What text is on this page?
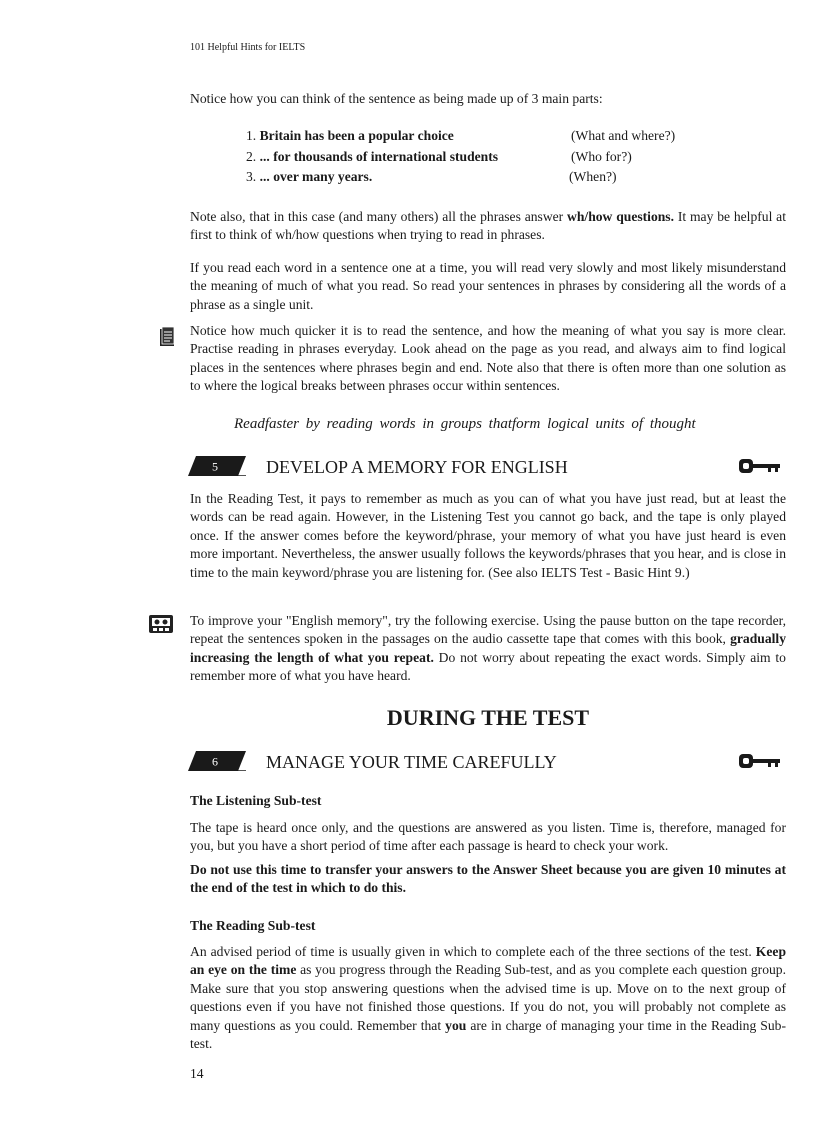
101 Helpful Hints for IELTS

Notice how you can think of the sentence as being made up of 3 main parts:

1. Britain has been a popular choice	(What and where?)
2. ... for thousands of international students	(Who for?)
3. ... over many years.	(When?)

Note also, that in this case (and many others) all the phrases answer wh/how questions. It may be helpful at first to think of wh/how questions when trying to read in phrases.

If you read each word in a sentence one at a time, you will read very slowly and most likely misunderstand the meaning of much of what you read. So read your sentences in phrases by considering all the words of a phrase as a single unit.

Notice how much quicker it is to read the sentence, and how the meaning of what you say is more clear. Practise reading in phrases everyday. Look ahead on the page as you read, and always aim to find logical places in the sentences where phrases begin and end. Note also that there is often more than one solution as to where the logical breaks between phrases occur within sentences.

Readfaster by reading words in groups thatform logical units of thought
5	DEVELOP A MEMORY FOR ENGLISH

In the Reading Test, it pays to remember as much as you can of what you have just read, but at least the words can be read again. However, in the Listening Test you cannot go back, and the tape is only played once. If the answer comes before the keyword/phrase, your memory of what you have just heard is even more important. Nevertheless, the answer usually follows the keywords/phrases that you hear, and is close in time to the main keyword/phrase you are listening for. (See also IELTS Test - Basic Hint 9.)

To improve your "English memory", try the following exercise. Using the pause button on the tape recorder, repeat the sentences spoken in the passages on the audio cassette tape that comes with this book, gradually increasing the length of what you repeat. Do not worry about repeating the exact words. Simply aim to remember more of what you have heard.

DURING THE TEST
6	MANAGE YOUR TIME CAREFULLY
The Listening Sub-test

The tape is heard once only, and the questions are answered as you listen. Time is, therefore, managed for you, but you have a short period of time after each passage is heard to check your work.

Do not use this time to transfer your answers to the Answer Sheet because you are given 10 minutes at the end of the test in which to do this.

The Reading Sub-test

An advised period of time is usually given in which to complete each of the three sections of the test. Keep an eye on the time as you progress through the Reading Sub-test, and as you complete each question group. Make sure that you stop answering questions when the advised time is up. Move on to the next group of questions even if you have not finished those questions. If you do not, you will probably not complete as many questions as you could. Remember that you are in charge of managing your time in the Reading Sub-test.

14
